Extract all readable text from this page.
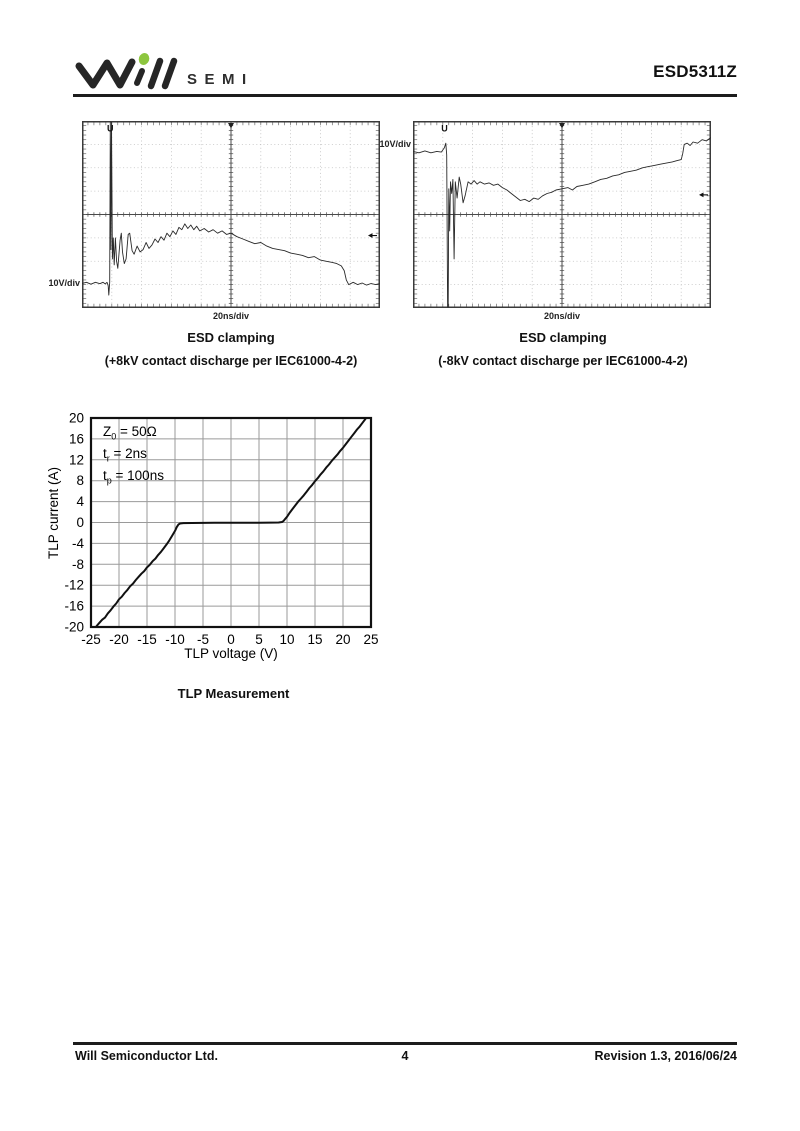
SEMI	ESD5311Z
U	U
10V/div
10V/div
20ns/div	20ns/div
ESD clamping
(+8kV contact discharge per IEC61000-4-2)
ESD clamping
(-8kV contact discharge per IEC61000-4-2)
-25 -20 -15 -10 -5 0 5 10 15 20 25
20
16
12
8
4
0
-4
-8
-12
-16
-20
TLP current (A)
TLP voltage (V)
$Z_0 = 50\Omega$
$t_r = 2ns$
$t_p = 100ns$
TLP Measurement
Will Semiconductor Ltd.	4	Revision 1.3, 2016/06/24
